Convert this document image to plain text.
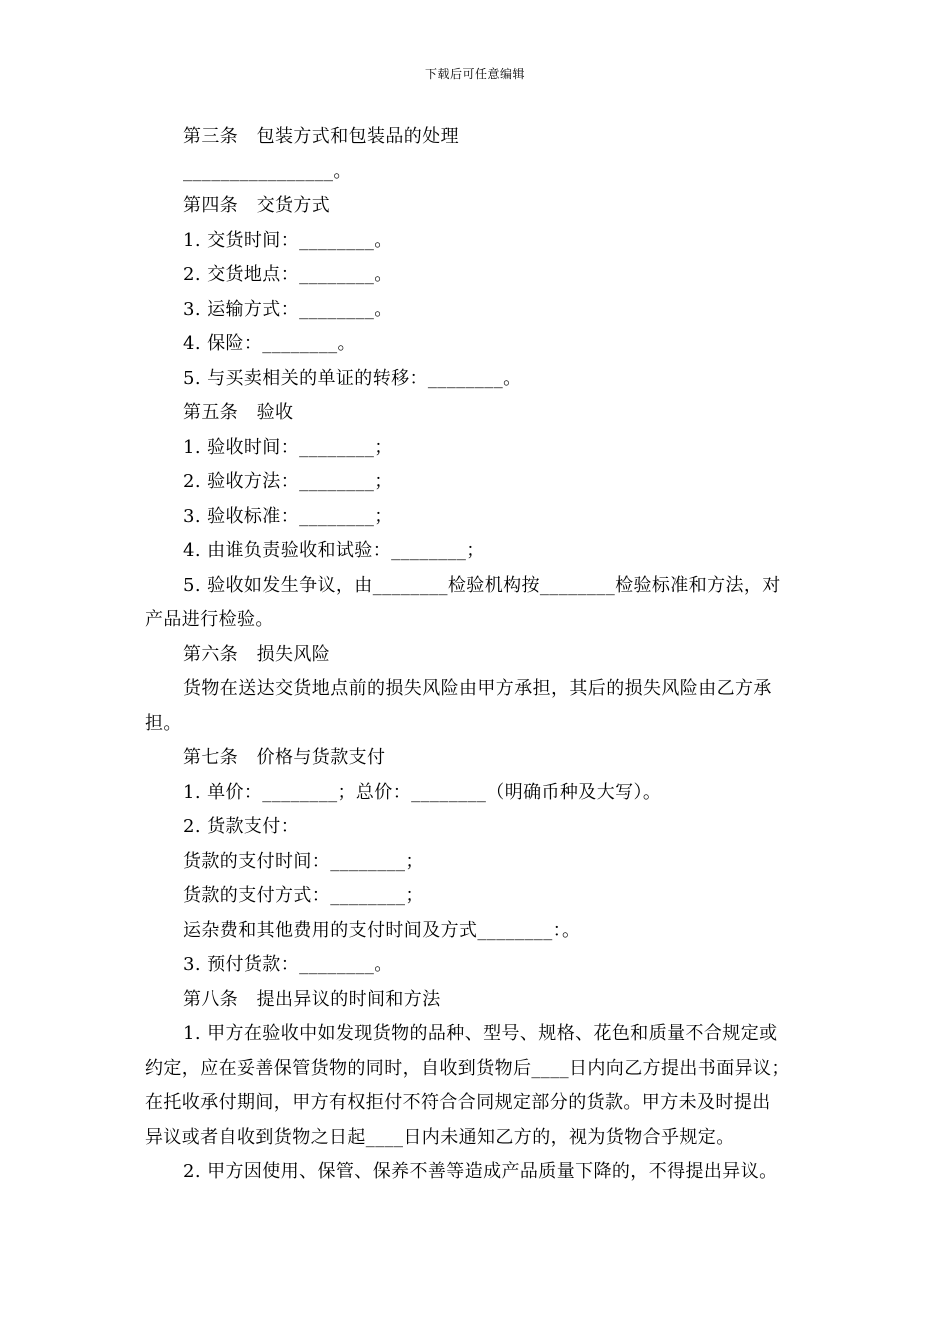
下载后可任意编辑
第三条　包装方式和包装品的处理
________________。
第四条　交货方式
1. 交货时间：________。
2. 交货地点：________。
3. 运输方式：________。
4. 保险：________。
5. 与买卖相关的单证的转移：________。
第五条　验收
1. 验收时间：________；
2. 验收方法：________；
3. 验收标准：________；
4. 由谁负责验收和试验：________；
5. 验收如发生争议，由________检验机构按________检验标准和方法，对
产品进行检验。
第六条　损失风险
货物在送达交货地点前的损失风险由甲方承担，其后的损失风险由乙方承
担。
第七条　价格与货款支付
1. 单价：________；总价：________（明确币种及大写）。
2. 货款支付：
货款的支付时间：________；
货款的支付方式：________；
运杂费和其他费用的支付时间及方式________：。
3. 预付货款：________。
第八条　提出异议的时间和方法
1. 甲方在验收中如发现货物的品种、型号、规格、花色和质量不合规定或
约定，应在妥善保管货物的同时，自收到货物后____日内向乙方提出书面异议；
在托收承付期间，甲方有权拒付不符合合同规定部分的货款。甲方未及时提出
异议或者自收到货物之日起____日内未通知乙方的，视为货物合乎规定。
2. 甲方因使用、保管、保养不善等造成产品质量下降的，不得提出异议。
